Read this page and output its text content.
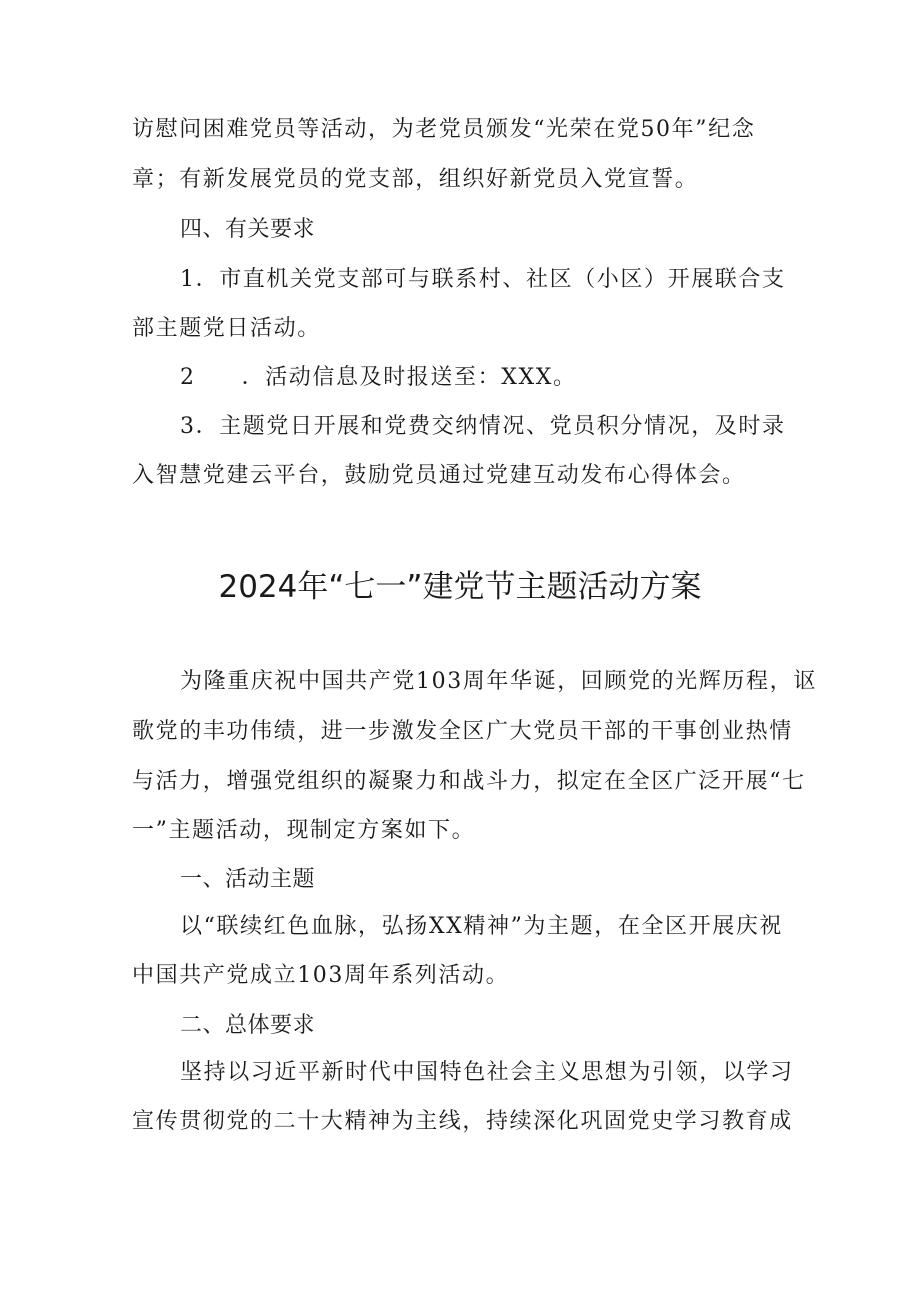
访慰问困难党员等活动，为老党员颁发“光荣在党50年”纪念
章；有新发展党员的党支部，组织好新党员入党宣誓。
四、有关要求
1．市直机关党支部可与联系村、社区（小区）开展联合支
部主题党日活动。
2 ．活动信息及时报送至：XXX。
3．主题党日开展和党费交纳情况、党员积分情况，及时录
入智慧党建云平台，鼓励党员通过党建互动发布心得体会。
2024年“七一”建党节主题活动方案
为隆重庆祝中国共产党103周年华诞，回顾党的光辉历程，讴
歌党的丰功伟绩，进一步激发全区广大党员干部的干事创业热情
与活力，增强党组织的凝聚力和战斗力，拟定在全区广泛开展“七
一”主题活动，现制定方案如下。
一、活动主题
以“联续红色血脉，弘扬XX精神”为主题，在全区开展庆祝
中国共产党成立103周年系列活动。
二、总体要求
坚持以习近平新时代中国特色社会主义思想为引领，以学习
宣传贯彻党的二十大精神为主线，持续深化巩固党史学习教育成
